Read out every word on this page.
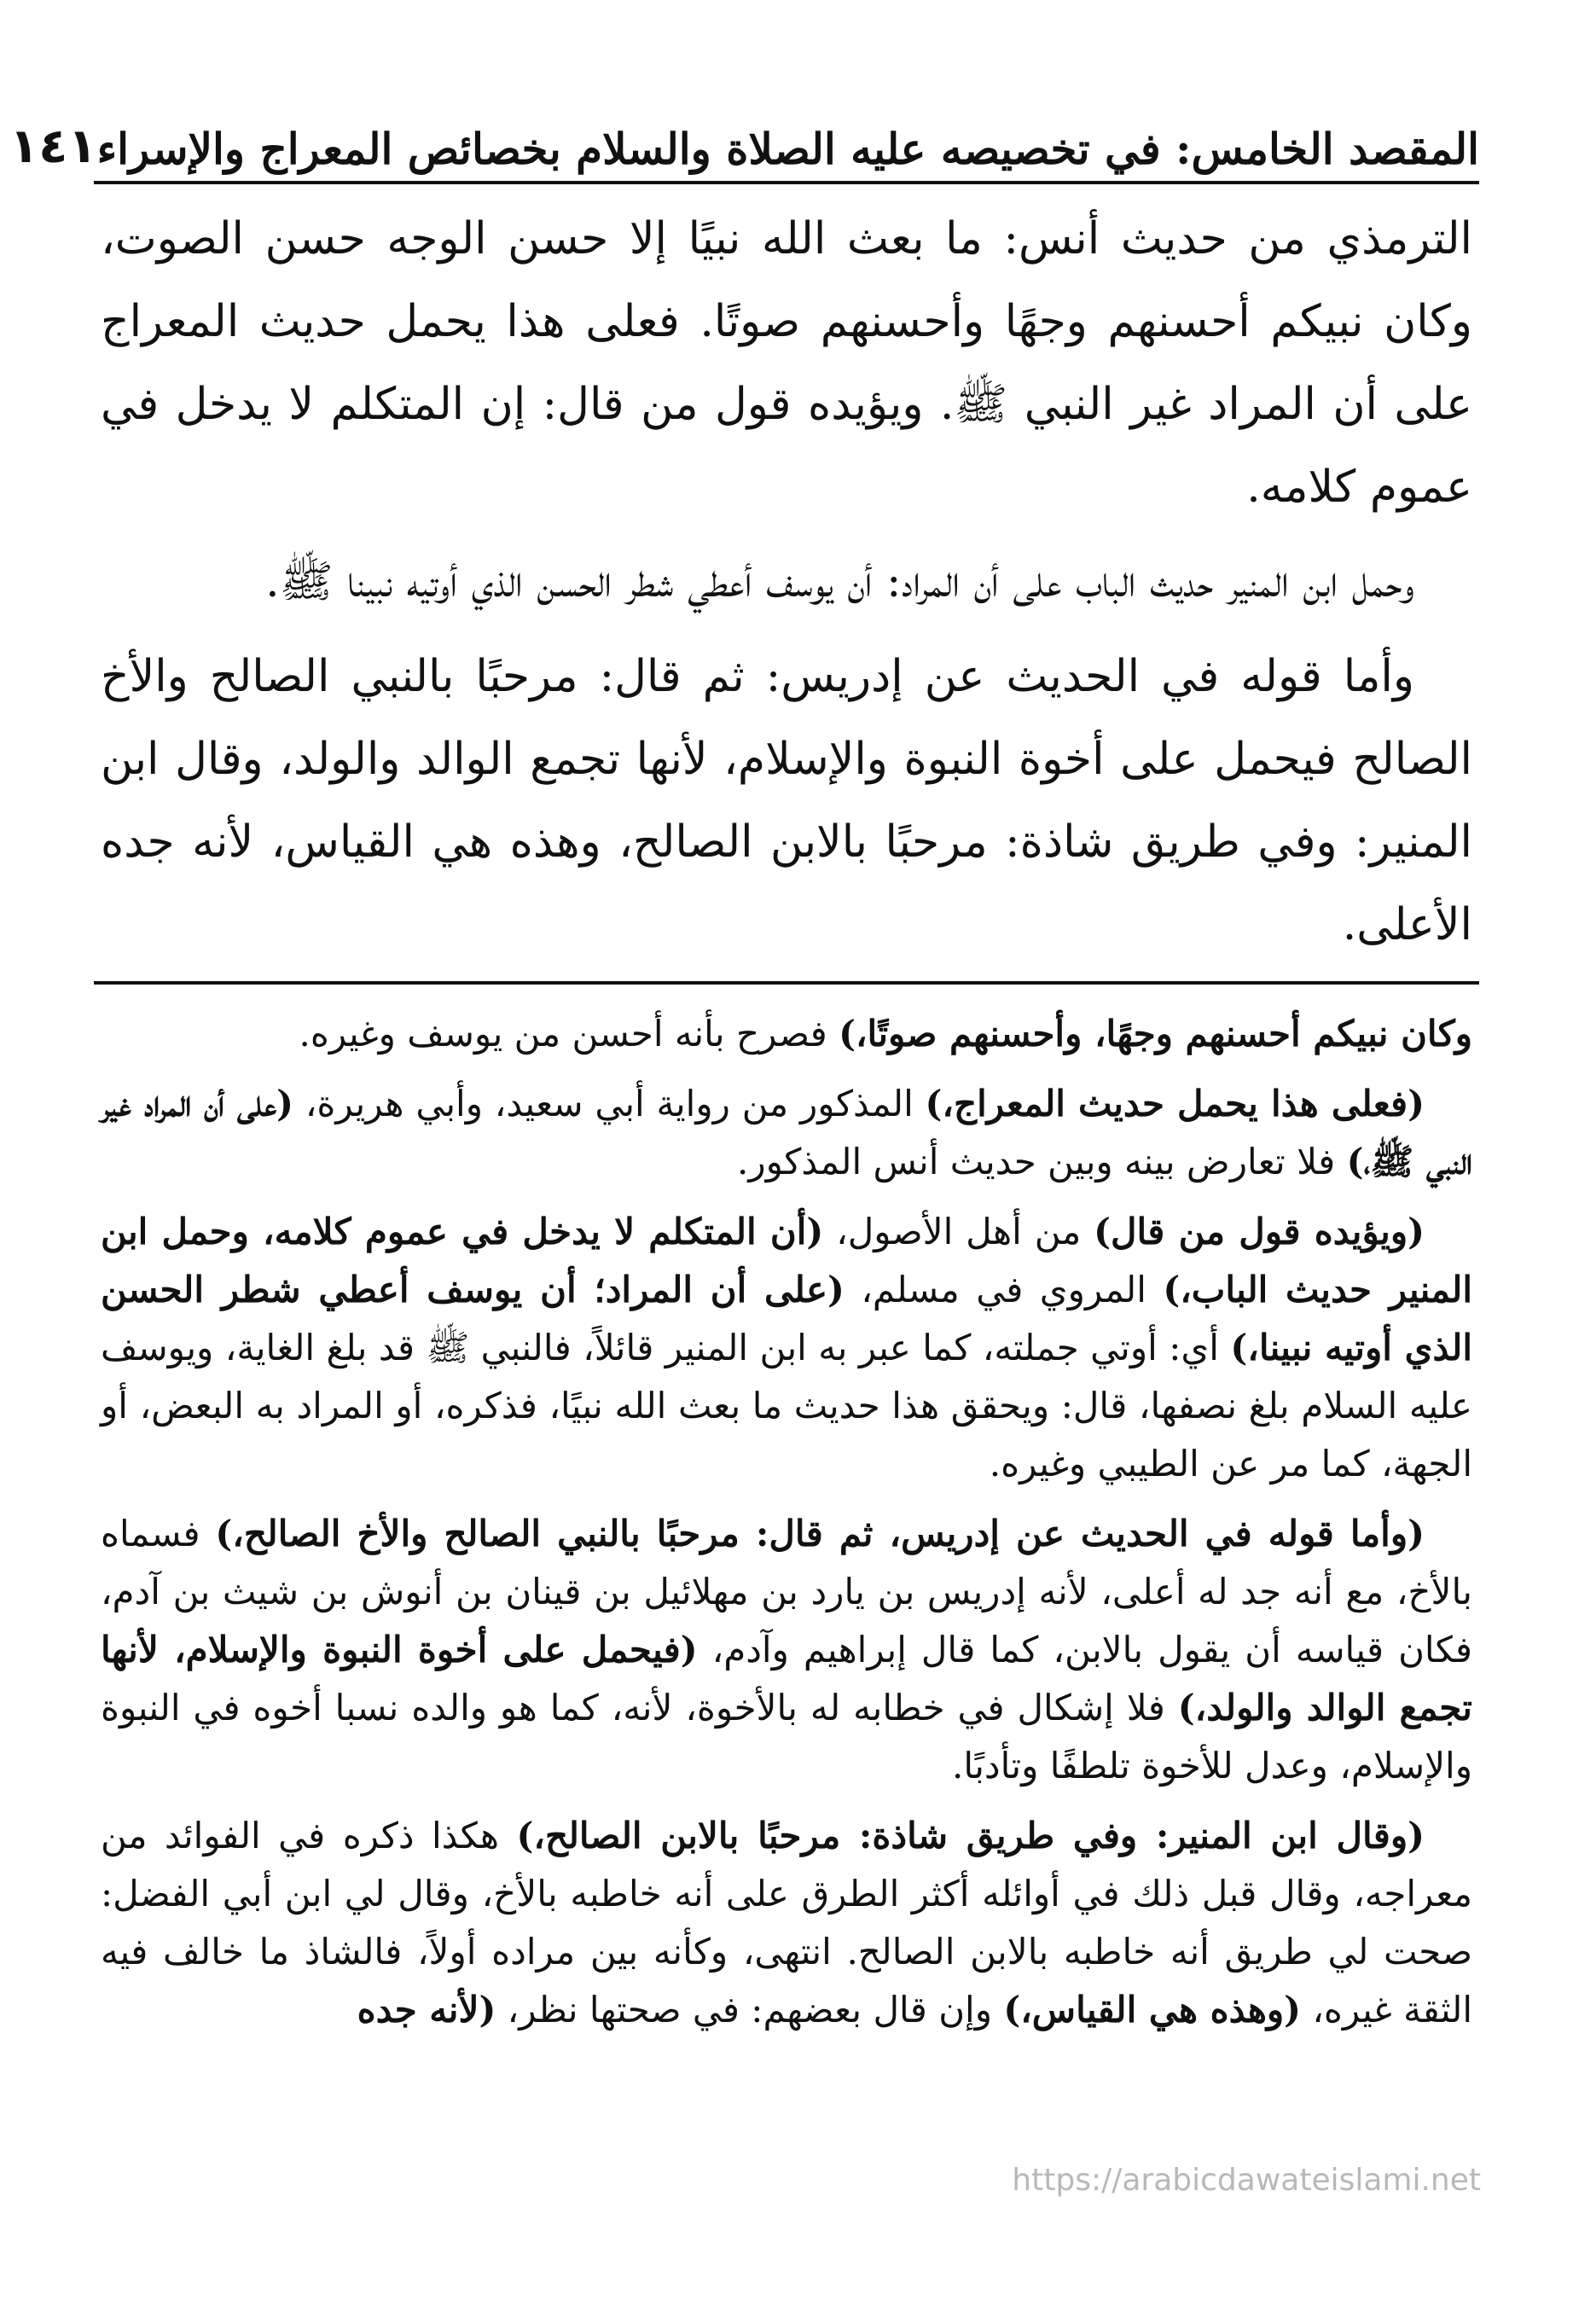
المقصد الخامس: في تخصيصه عليه الصلاة والسلام بخصائص المعراج والإسراء
١٤١

الترمذي من حديث أنس: ما بعث الله نبيًا إلا حسن الوجه حسن الصوت، وكان نبيكم أحسنهم وجهًا وأحسنهم صوتًا. فعلى هذا يحمل حديث المعراج على أن المراد غير النبي ﷺ. ويؤيده قول من قال: إن المتكلم لا يدخل في عموم كلامه.

وحمل ابن المنير حديث الباب على أن المراد: أن يوسف أعطي شطر الحسن الذي أوتيه نبينا ﷺ.

وأما قوله في الحديث عن إدريس: ثم قال: مرحبًا بالنبي الصالح والأخ الصالح فيحمل على أخوة النبوة والإسلام، لأنها تجمع الوالد والولد، وقال ابن المنير: وفي طريق شاذة: مرحبًا بالابن الصالح، وهذه هي القياس، لأنه جده الأعلى.

وكان نبيكم أحسنهم وجهًا، وأحسنهم صوتًا،) فصرح بأنه أحسن من يوسف وغيره.

(فعلى هذا يحمل حديث المعراج،) المذكور من رواية أبي سعيد، وأبي هريرة، (على أن المراد غير النبي ﷺ،) فلا تعارض بينه وبين حديث أنس المذكور.

(ويؤيده قول من قال) من أهل الأصول، (أن المتكلم لا يدخل في عموم كلامه، وحمل ابن المنير حديث الباب،) المروي في مسلم، (على أن المراد؛ أن يوسف أعطي شطر الحسن الذي أوتيه نبينا،) أي: أوتي جملته، كما عبر به ابن المنير قائلاً، فالنبي ﷺ قد بلغ الغاية، ويوسف عليه السلام بلغ نصفها، قال: ويحقق هذا حديث ما بعث الله نبيًا، فذكره، أو المراد به البعض، أو الجهة، كما مر عن الطيبي وغيره.

(وأما قوله في الحديث عن إدريس، ثم قال: مرحبًا بالنبي الصالح والأخ الصالح،) فسماه بالأخ، مع أنه جد له أعلى، لأنه إدريس بن يارد بن مهلائيل بن قينان بن أنوش بن شيث بن آدم، فكان قياسه أن يقول بالابن، كما قال إبراهيم وآدم، (فيحمل على أخوة النبوة والإسلام، لأنها تجمع الوالد والولد،) فلا إشكال في خطابه له بالأخوة، لأنه، كما هو والده نسبا أخوه في النبوة والإسلام، وعدل للأخوة تلطفًا وتأدبًا.

(وقال ابن المنير: وفي طريق شاذة: مرحبًا بالابن الصالح،) هكذا ذكره في الفوائد من معراجه، وقال قبل ذلك في أوائله أكثر الطرق على أنه خاطبه بالأخ، وقال لي ابن أبي الفضل: صحت لي طريق أنه خاطبه بالابن الصالح. انتهى، وكأنه بين مراده أولاً، فالشاذ ما خالف فيه الثقة غيره، (وهذه هي القياس،) وإن قال بعضهم: في صحتها نظر، (لأنه جده

https://arabicdawateislami.net
